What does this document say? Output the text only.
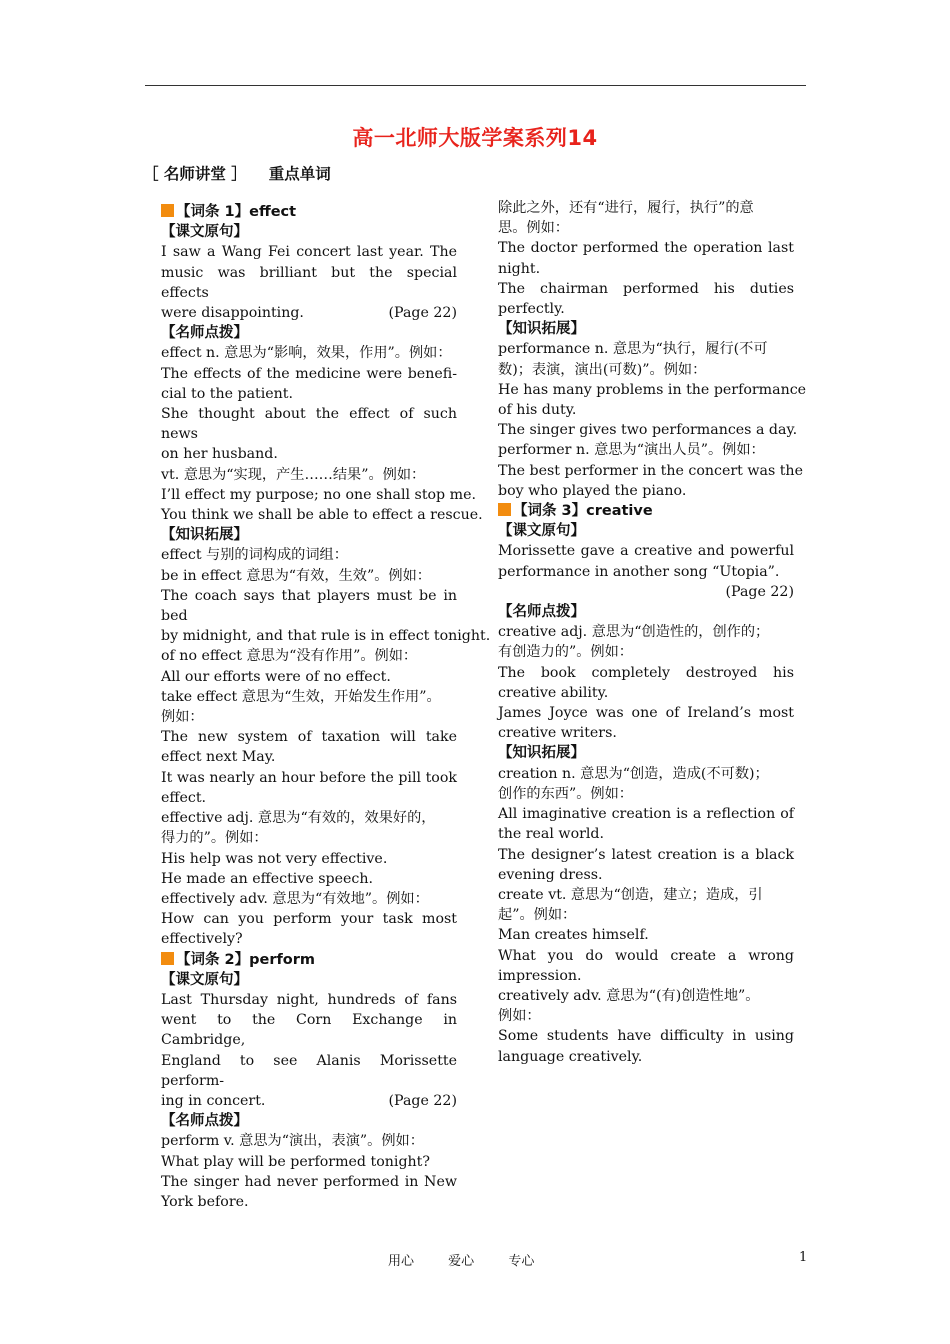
高一北师大版学案系列14
［ 名师讲堂 ］ 重点单词
【词条 1】effect
【课文原句】
I saw a Wang Fei concert last year. The
music was brilliant but the special effects
were disappointing.	(Page 22)
【名师点拨】
effect n. 意思为“影响，效果，作用”。例如：
The effects of the medicine were benefi-
cial to the patient.
She thought about the effect of such news
on her husband.
vt. 意思为“实现，产生……结果”。例如：
I’ll effect my purpose; no one shall stop me.
You think we shall be able to effect a rescue.
【知识拓展】
effect 与别的词构成的词组：
be in effect 意思为“有效，生效”。例如：
The coach says that players must be in bed
by midnight, and that rule is in effect tonight.
of no effect 意思为“没有作用”。例如：
All our efforts were of no effect.
take effect 意思为“生效，开始发生作用”。
例如：
The new system of taxation will take
effect next May.
It was nearly an hour before the pill took
effect.
effective adj. 意思为“有效的，效果好的，
得力的”。例如：
His help was not very effective.
He made an effective speech.
effectively adv. 意思为“有效地”。例如：
How can you perform your task most
effectively?
【词条 2】perform
【课文原句】
Last Thursday night, hundreds of fans
went to the Corn Exchange in Cambridge,
England to see Alanis Morissette perform-
ing in concert.	(Page 22)
【名师点拨】
perform v. 意思为“演出，表演”。例如：
What play will be performed tonight?
The singer had never performed in New
York before.
除此之外，还有“进行，履行，执行”的意
思。例如：
The doctor performed the operation last
night.
The chairman performed his duties
perfectly.
【知识拓展】
performance n. 意思为“执行，履行(不可
数)；表演，演出(可数)”。例如：
He has many problems in the performance
of his duty.
The singer gives two performances a day.
performer n. 意思为“演出人员”。例如：
The best performer in the concert was the
boy who played the piano.
【词条 3】creative
【课文原句】
Morissette gave a creative and powerful
performance in another song “Utopia”.
(Page 22)
【名师点拨】
creative adj. 意思为“创造性的，创作的；
有创造力的”。例如：
The book completely destroyed his
creative ability.
James Joyce was one of Ireland’s most
creative writers.
【知识拓展】
creation n. 意思为“创造，造成(不可数)；
创作的东西”。例如：
All imaginative creation is a reflection of
the real world.
The designer’s latest creation is a black
evening dress.
create vt. 意思为“创造，建立；造成，引
起”。例如：
Man creates himself.
What you do would create a wrong
impression.
creatively adv. 意思为“(有)创造性地”。
例如：
Some students have difficulty in using
language creatively.
用心	爱心	专心	1
